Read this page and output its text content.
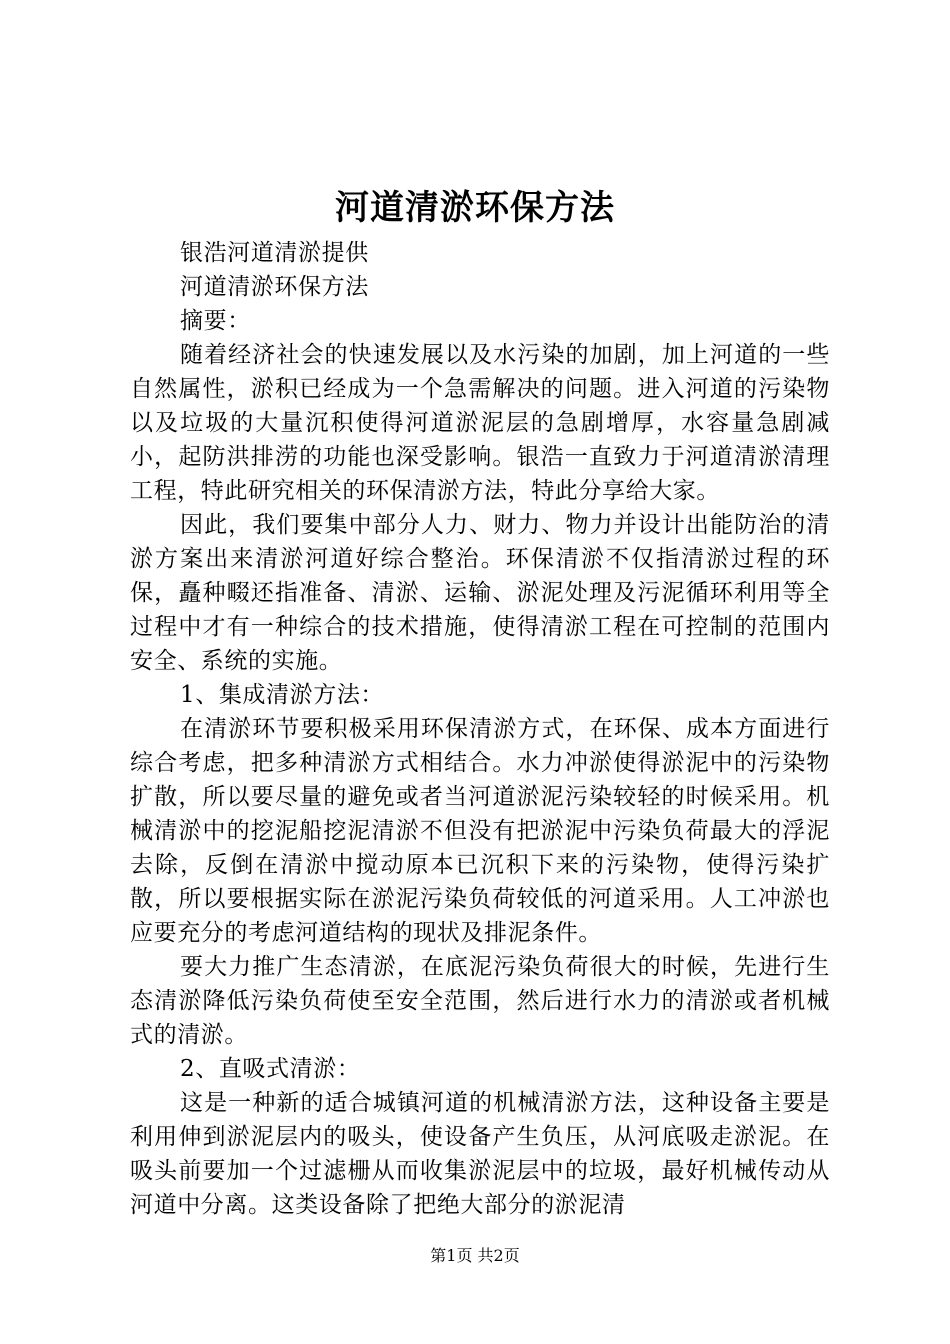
河道清淤环保方法

银浩河道清淤提供

河道清淤环保方法

摘要：

随着经济社会的快速发展以及水污染的加剧，加上河道的一些自然属性，淤积已经成为一个急需解决的问题。进入河道的污染物以及垃圾的大量沉积使得河道淤泥层的急剧增厚，水容量急剧减小，起防洪排涝的功能也深受影响。银浩一直致力于河道清淤清理工程，特此研究相关的环保清淤方法，特此分享给大家。

因此，我们要集中部分人力、财力、物力并设计出能防治的清淤方案出来清淤河道好综合整治。环保清淤不仅指清淤过程的环保，矗种畷还指准备、清淤、运输、淤泥处理及污泥循环利用等全过程中才有一种综合的技术措施，使得清淤工程在可控制的范围内安全、系统的实施。

1、集成清淤方法：

在清淤环节要积极采用环保清淤方式，在环保、成本方面进行综合考虑，把多种清淤方式相结合。水力冲淤使得淤泥中的污染物扩散，所以要尽量的避免或者当河道淤泥污染较轻的时候采用。机械清淤中的挖泥船挖泥清淤不但没有把淤泥中污染负荷最大的浮泥去除，反倒在清淤中搅动原本已沉积下来的污染物，使得污染扩散，所以要根据实际在淤泥污染负荷较低的河道采用。人工冲淤也应要充分的考虑河道结构的现状及排泥条件。

要大力推广生态清淤，在底泥污染负荷很大的时候，先进行生态清淤降低污染负荷使至安全范围，然后进行水力的清淤或者机械式的清淤。

2、直吸式清淤：

这是一种新的适合城镇河道的机械清淤方法，这种设备主要是利用伸到淤泥层内的吸头，使设备产生负压，从河底吸走淤泥。在吸头前要加一个过滤栅从而收集淤泥层中的垃圾，最好机械传动从河道中分离。这类设备除了把绝大部分的淤泥清

第1页 共2页
